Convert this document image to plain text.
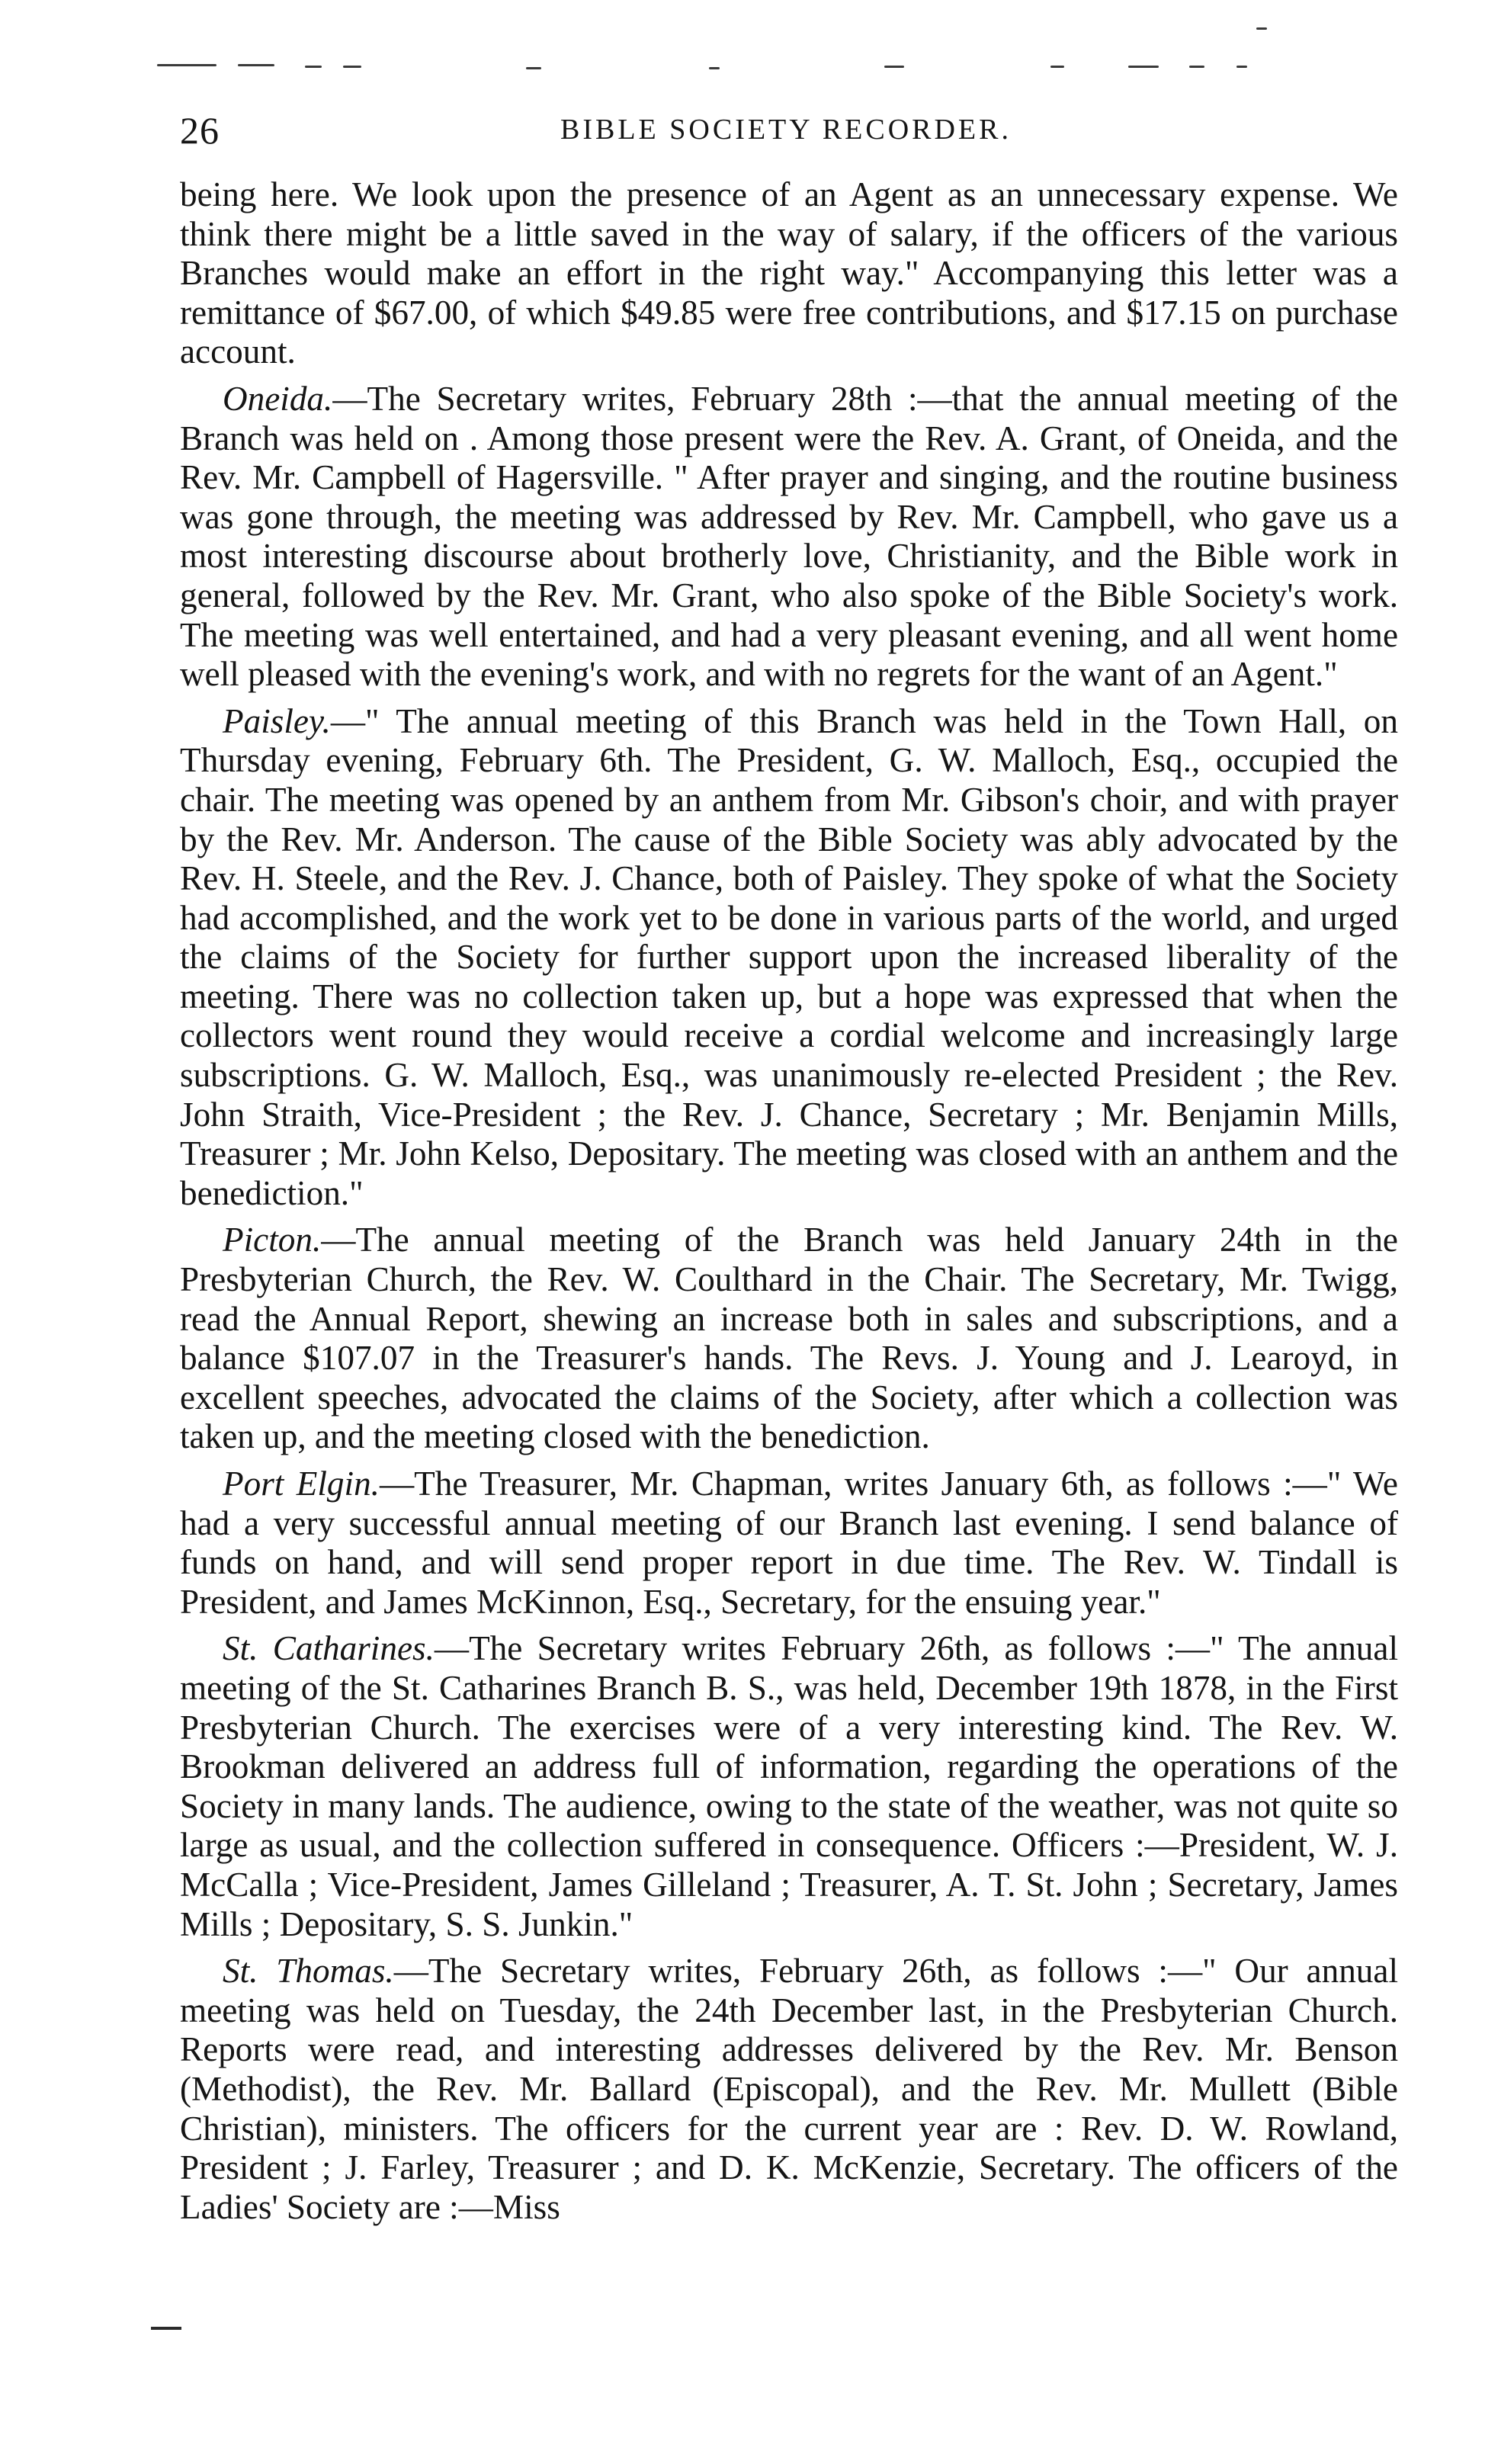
26	BIBLE SOCIETY RECORDER.

being here. We look upon the presence of an Agent as an unnecessary expense. We think there might be a little saved in the way of salary, if the officers of the various Branches would make an effort in the right way." Accompanying this letter was a remittance of $67.00, of which $49.85 were free contributions, and $17.15 on purchase account.

Oneida.—The Secretary writes, February 28th :—that the annual meeting of the Branch was held on . Among those present were the Rev. A. Grant, of Oneida, and the Rev. Mr. Campbell of Hagersville. " After prayer and singing, and the routine business was gone through, the meeting was addressed by Rev. Mr. Campbell, who gave us a most interesting discourse about brotherly love, Christianity, and the Bible work in general, followed by the Rev. Mr. Grant, who also spoke of the Bible Society's work. The meeting was well entertained, and had a very pleasant evening, and all went home well pleased with the evening's work, and with no regrets for the want of an Agent."

Paisley.—" The annual meeting of this Branch was held in the Town Hall, on Thursday evening, February 6th. The President, G. W. Malloch, Esq., occupied the chair. The meeting was opened by an anthem from Mr. Gibson's choir, and with prayer by the Rev. Mr. Anderson. The cause of the Bible Society was ably advocated by the Rev. H. Steele, and the Rev. J. Chance, both of Paisley. They spoke of what the Society had accomplished, and the work yet to be done in various parts of the world, and urged the claims of the Society for further support upon the increased liberality of the meeting. There was no collection taken up, but a hope was expressed that when the collectors went round they would receive a cordial welcome and increasingly large subscriptions. G. W. Malloch, Esq., was unanimously re-elected President ; the Rev. John Straith, Vice-President ; the Rev. J. Chance, Secretary ; Mr. Benjamin Mills, Treasurer ; Mr. John Kelso, Depositary. The meeting was closed with an anthem and the benediction."

Picton.—The annual meeting of the Branch was held January 24th in the Presbyterian Church, the Rev. W. Coulthard in the Chair. The Secretary, Mr. Twigg, read the Annual Report, shewing an increase both in sales and subscriptions, and a balance $107.07 in the Treasurer's hands. The Revs. J. Young and J. Learoyd, in excellent speeches, advocated the claims of the Society, after which a collection was taken up, and the meeting closed with the benediction.

Port Elgin.—The Treasurer, Mr. Chapman, writes January 6th, as follows :—" We had a very successful annual meeting of our Branch last evening. I send balance of funds on hand, and will send proper report in due time. The Rev. W. Tindall is President, and James McKinnon, Esq., Secretary, for the ensuing year."

St. Catharines.—The Secretary writes February 26th, as follows :—" The annual meeting of the St. Catharines Branch B. S., was held, December 19th 1878, in the First Presbyterian Church. The exercises were of a very interesting kind. The Rev. W. Brookman delivered an address full of information, regarding the operations of the Society in many lands. The audience, owing to the state of the weather, was not quite so large as usual, and the collection suffered in consequence. Officers :—President, W. J. McCalla ; Vice-President, James Gilleland ; Treasurer, A. T. St. John ; Secretary, James Mills ; Depositary, S. S. Junkin."

St. Thomas.—The Secretary writes, February 26th, as follows :—" Our annual meeting was held on Tuesday, the 24th December last, in the Presbyterian Church. Reports were read, and interesting addresses delivered by the Rev. Mr. Benson (Methodist), the Rev. Mr. Ballard (Episcopal), and the Rev. Mr. Mullett (Bible Christian), ministers. The officers for the current year are : Rev. D. W. Rowland, President ; J. Farley, Treasurer ; and D. K. McKenzie, Secretary. The officers of the Ladies' Society are :—Miss
